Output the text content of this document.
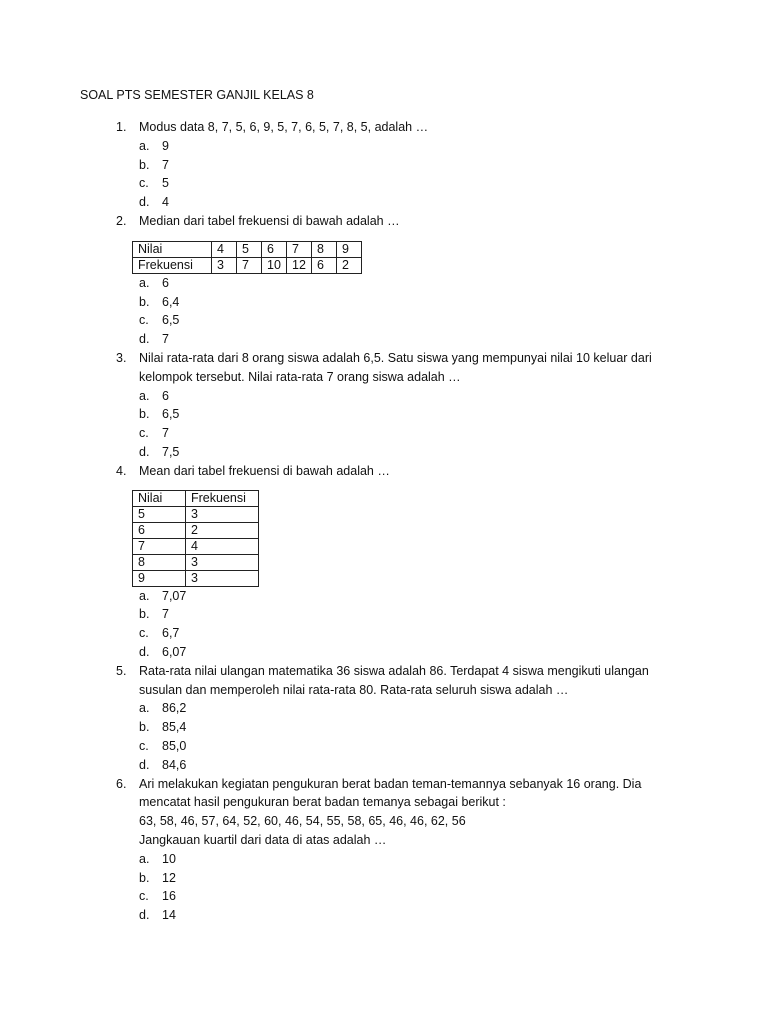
SOAL PTS SEMESTER GANJIL KELAS 8
1. Modus data 8, 7, 5, 6, 9, 5, 7, 6, 5, 7, 8, 5, adalah …
a. 9
b. 7
c. 5
d. 4
2. Median dari tabel frekuensi di bawah adalah …
Nilai	4	5	6	7	8	9
Frekuensi	3	7	10	12	6	2
a. 6
b. 6,4
c. 6,5
d. 7
3. Nilai rata-rata dari 8 orang siswa adalah 6,5. Satu siswa yang mempunyai nilai 10 keluar dari kelompok tersebut. Nilai rata-rata 7 orang siswa adalah …
a. 6
b. 6,5
c. 7
d. 7,5
4. Mean dari tabel frekuensi di bawah adalah …
Nilai	Frekuensi
5	3
6	2
7	4
8	3
9	3
a. 7,07
b. 7
c. 6,7
d. 6,07
5. Rata-rata nilai ulangan matematika 36 siswa adalah 86. Terdapat 4 siswa mengikuti ulangan susulan dan memperoleh nilai rata-rata 80. Rata-rata seluruh siswa adalah …
a. 86,2
b. 85,4
c. 85,0
d. 84,6
6. Ari melakukan kegiatan pengukuran berat badan teman-temannya sebanyak 16 orang. Dia mencatat hasil pengukuran berat badan temanya sebagai berikut :
63, 58, 46, 57, 64, 52, 60, 46, 54, 55, 58, 65, 46, 46, 62, 56
Jangkauan kuartil dari data di atas adalah …
a. 10
b. 12
c. 16
d. 14
